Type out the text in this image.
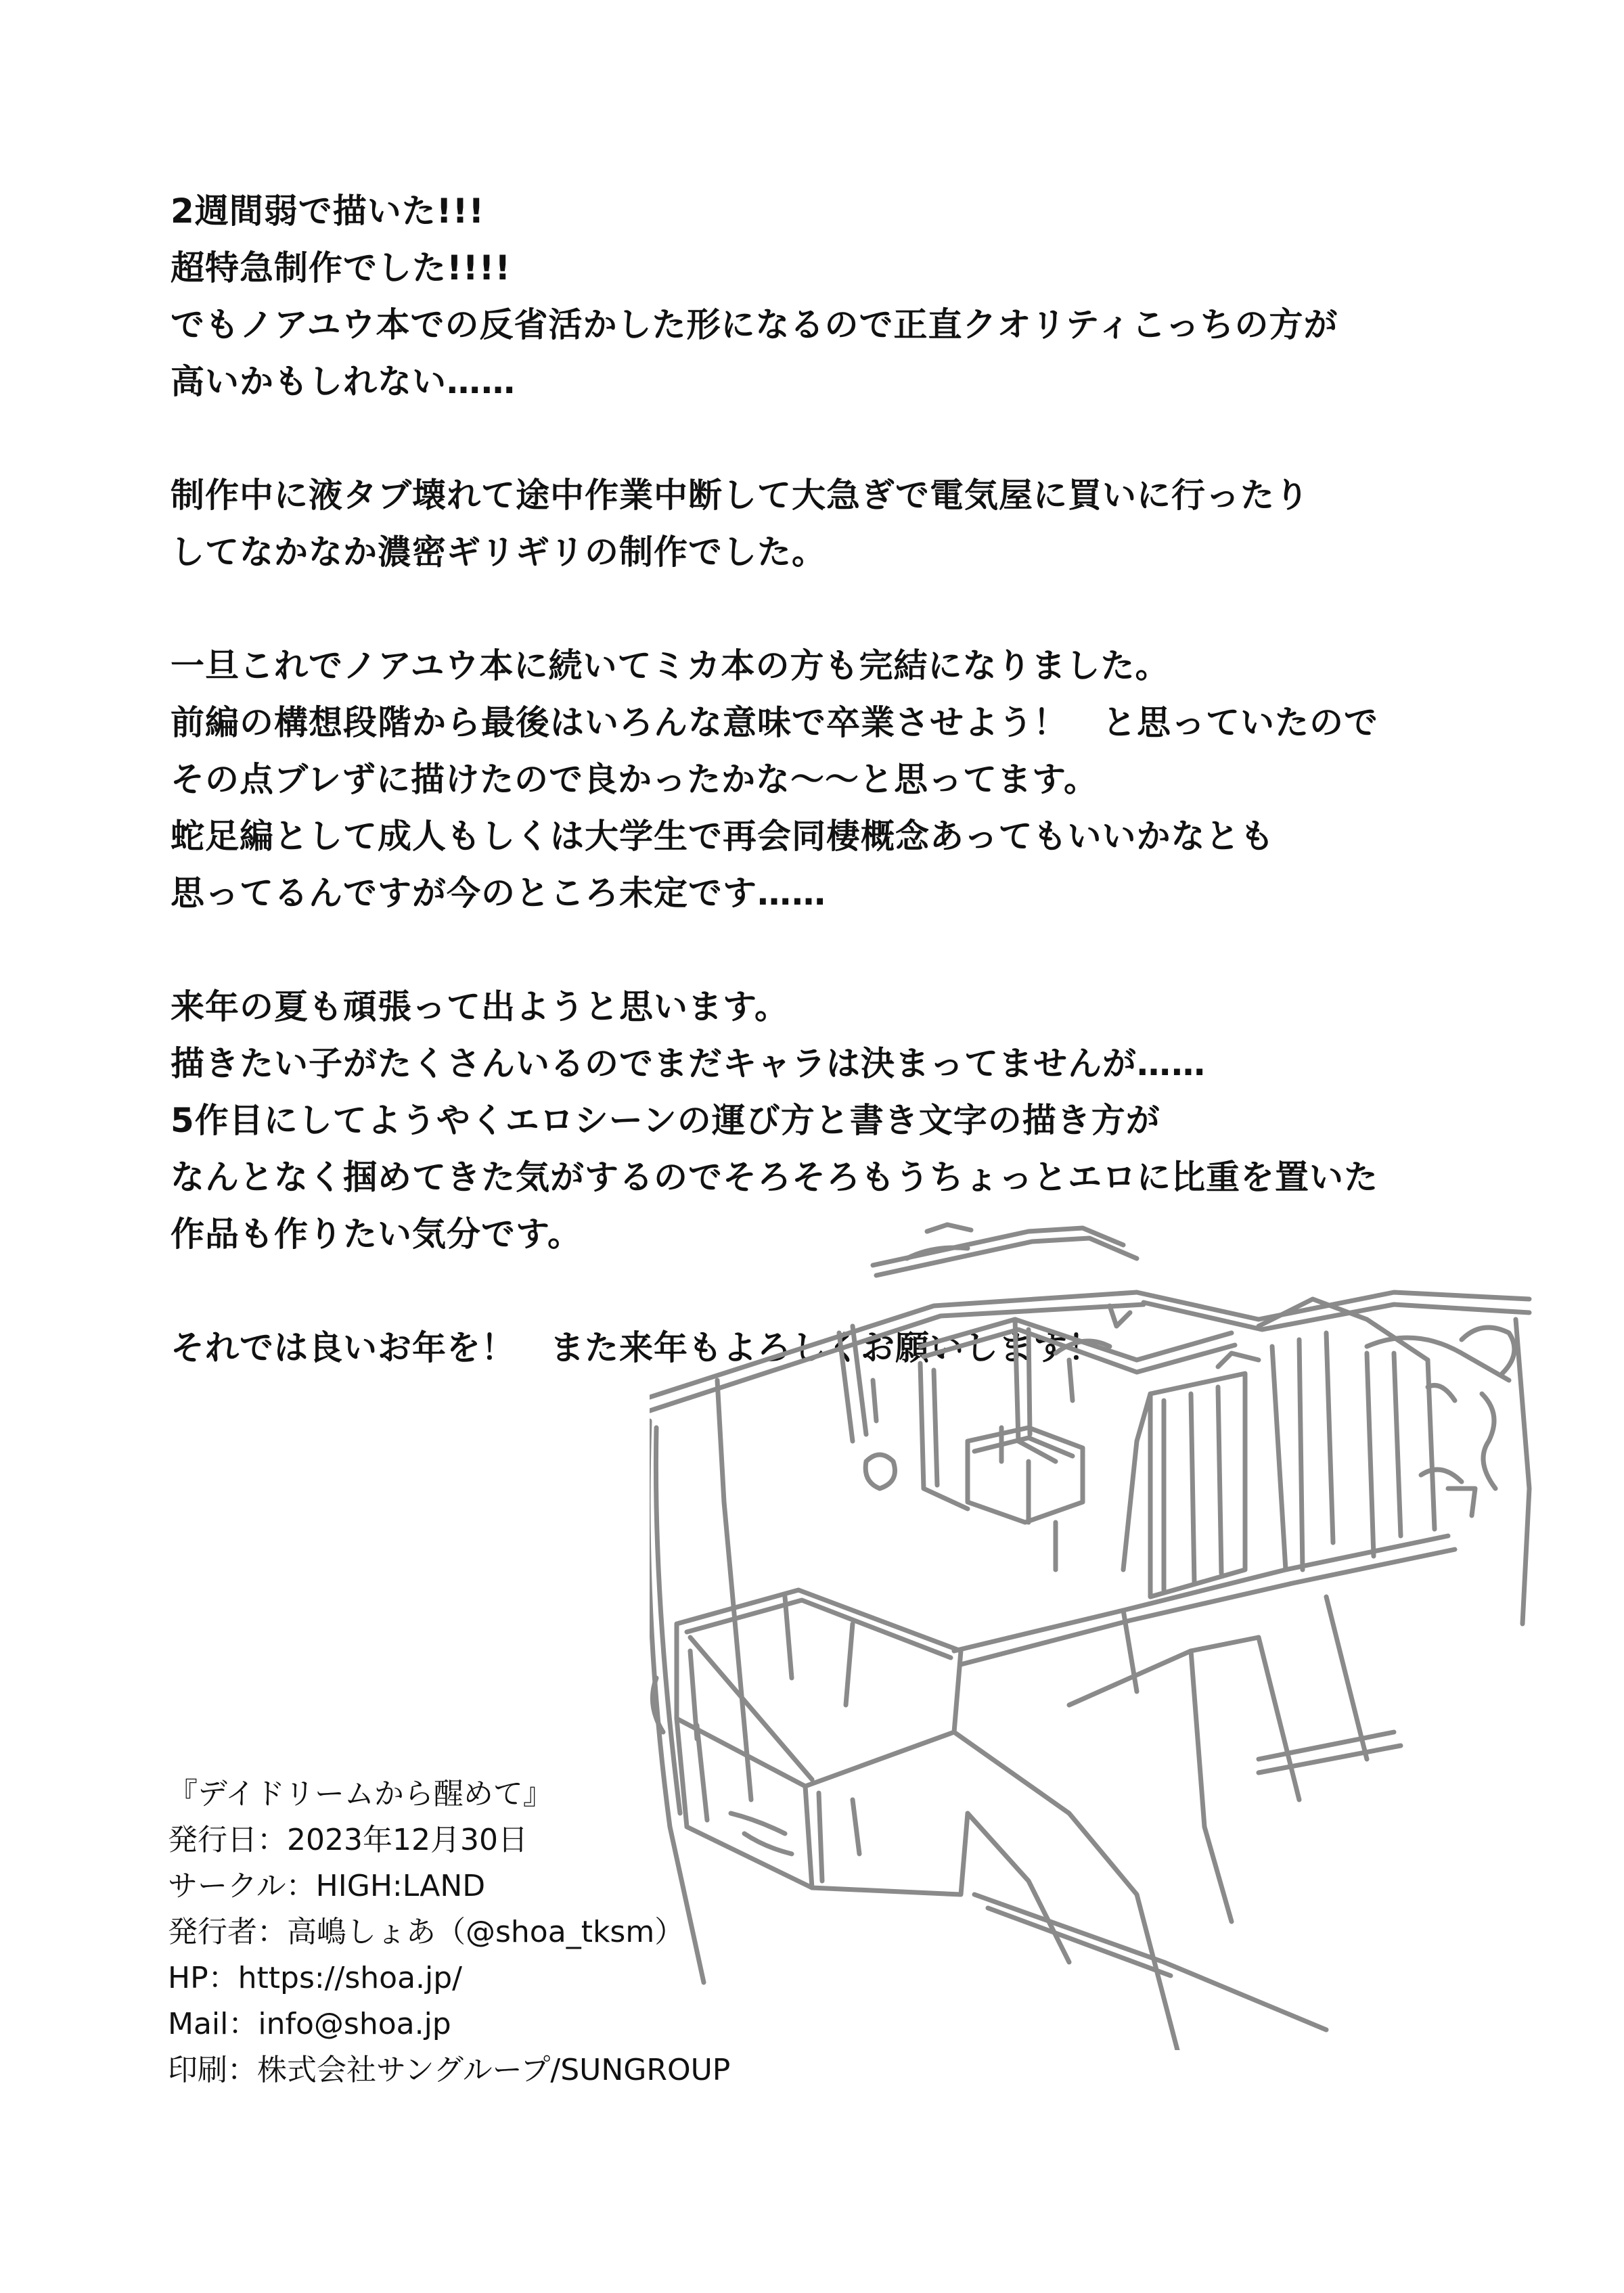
2週間弱で描いた!!!
超特急制作でした!!!!
でもノアユウ本での反省活かした形になるので正直クオリティこっちの方が
高いかもしれない……
制作中に液タブ壊れて途中作業中断して大急ぎで電気屋に買いに行ったり
してなかなか濃密ギリギリの制作でした。
一旦これでノアユウ本に続いてミカ本の方も完結になりました。
前編の構想段階から最後はいろんな意味で卒業させよう！　と思っていたので
その点ブレずに描けたので良かったかな～～と思ってます。
蛇足編として成人もしくは大学生で再会同棲概念あってもいいかなとも
思ってるんですが今のところ未定です……
来年の夏も頑張って出ようと思います。
描きたい子がたくさんいるのでまだキャラは決まってませんが……
5作目にしてようやくエロシーンの運び方と書き文字の描き方が
なんとなく掴めてきた気がするのでそろそろもうちょっとエロに比重を置いた
作品も作りたい気分です。
それでは良いお年を！　また来年もよろしくお願いします！
『デイドリームから醒めて』
発行日：2023年12月30日
サークル：HIGH:LAND
発行者：高嶋しょあ（@shoa_tksm）
HP：https://shoa.jp/
Mail：info@shoa.jp
印刷：株式会社サングループ/SUNGROUP
